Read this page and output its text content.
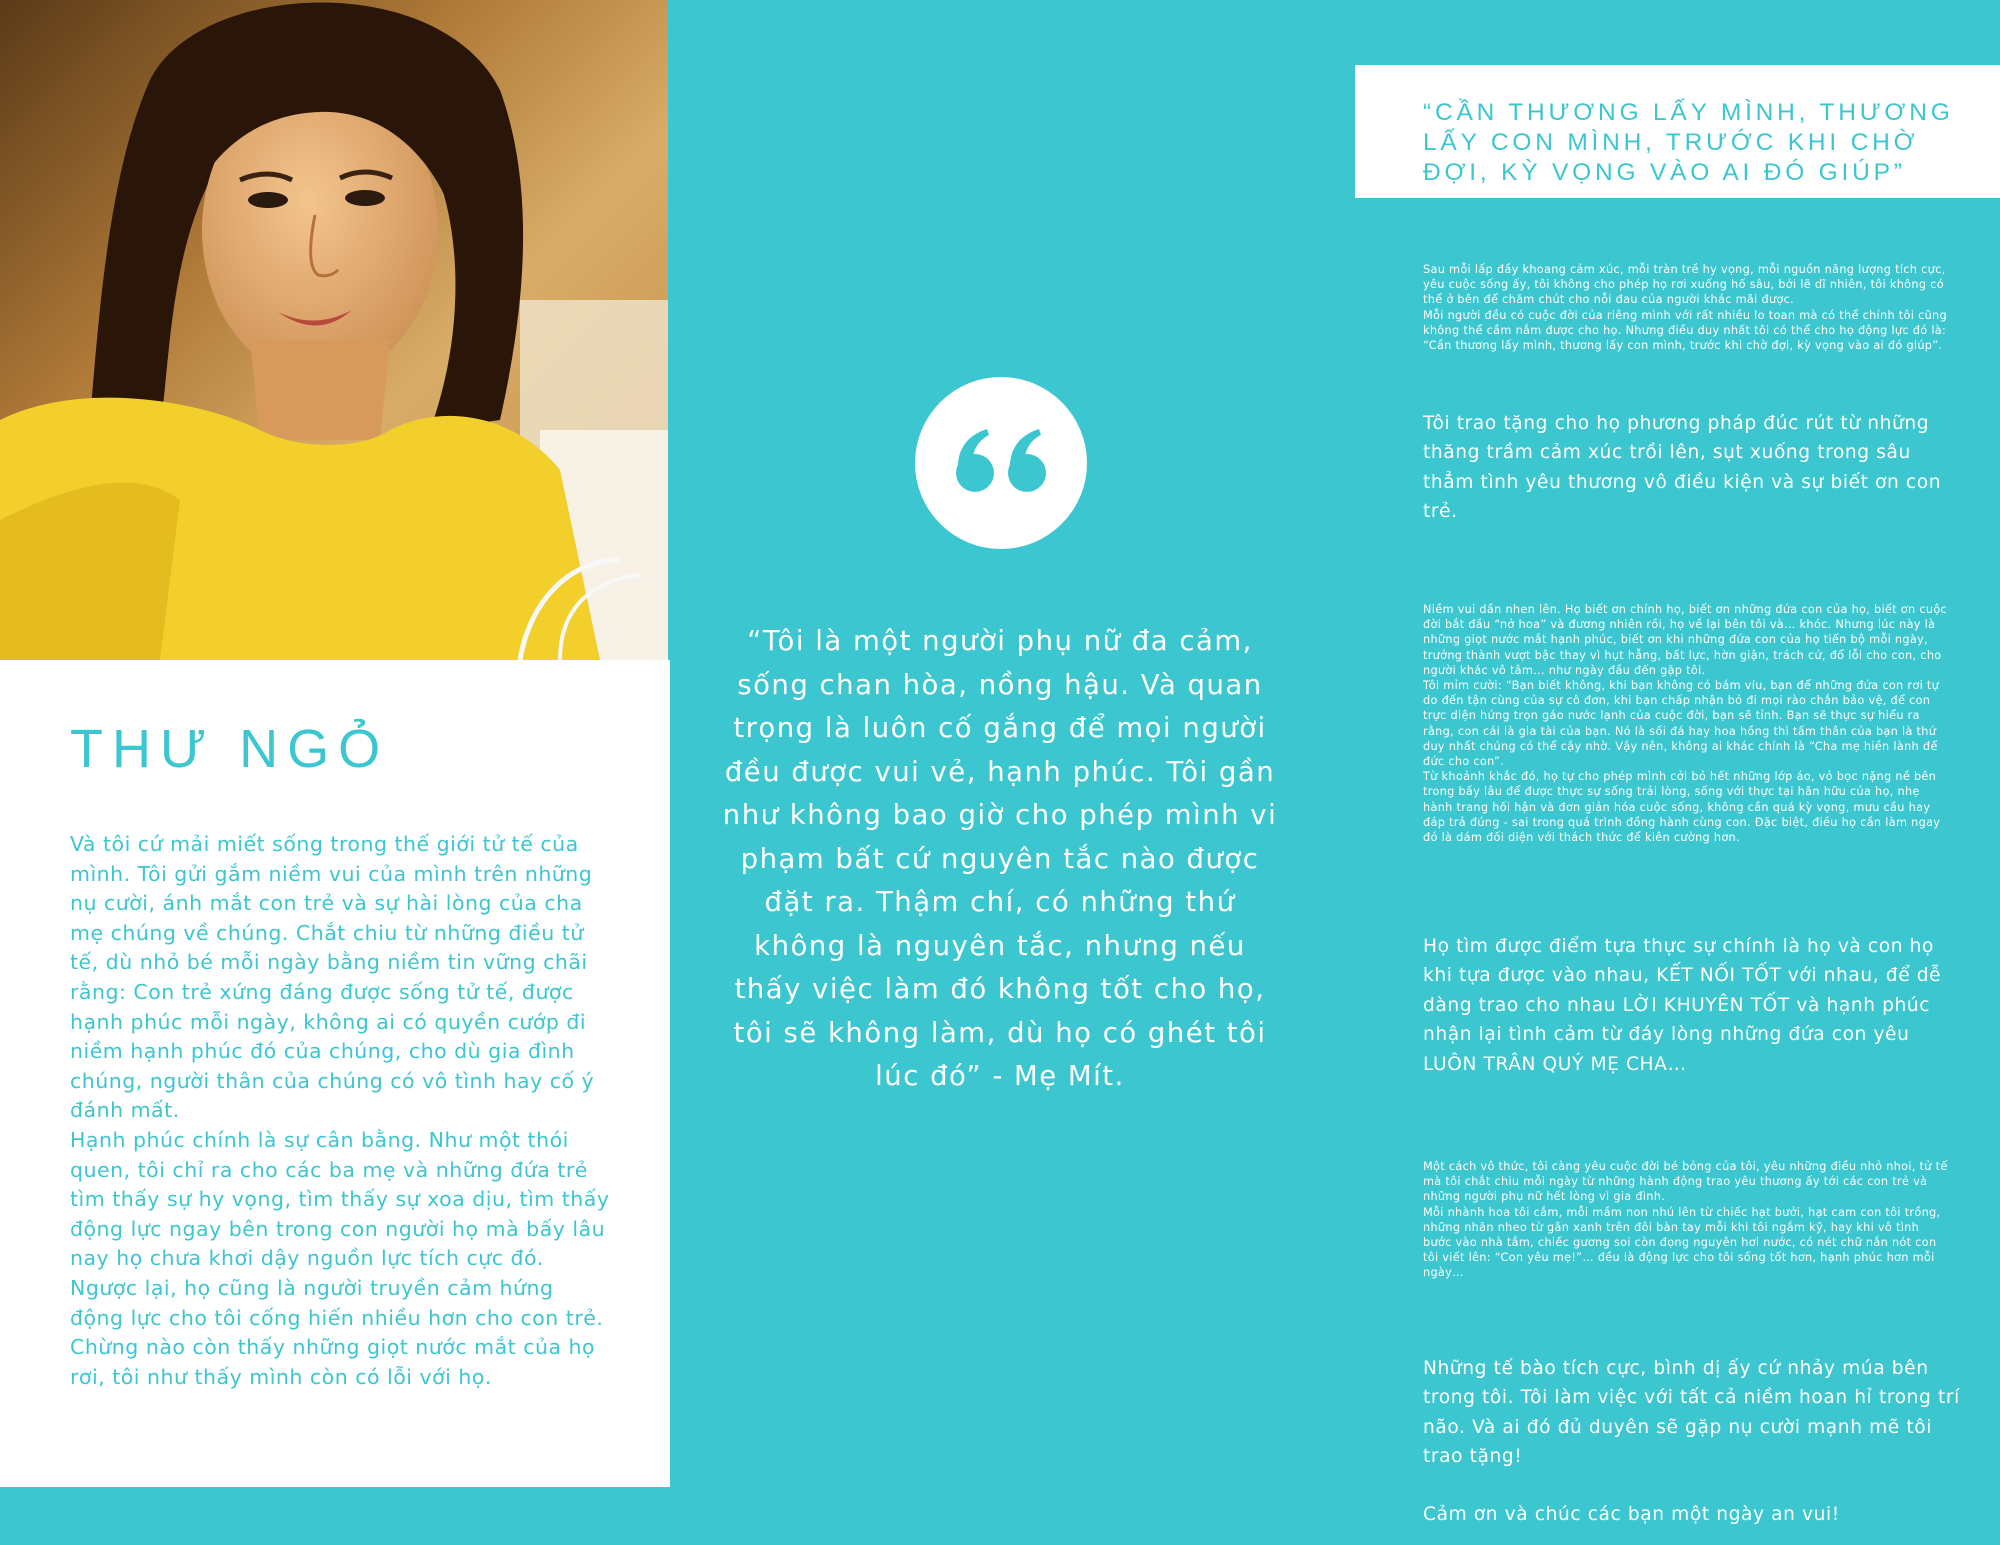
THƯ NGỎ
Và tôi cứ mải miết sống trong thế giới tử tế của mình. Tôi gửi gắm niềm vui của mình trên những nụ cười, ánh mắt con trẻ và sự hài lòng của cha mẹ chúng về chúng. Chắt chiu từ những điều tử tế, dù nhỏ bé mỗi ngày bằng niềm tin vững chãi rằng: Con trẻ xứng đáng được sống tử tế, được hạnh phúc mỗi ngày, không ai có quyền cướp đi niềm hạnh phúc đó của chúng, cho dù gia đình chúng, người thân của chúng có vô tình hay cố ý đánh mất.
Hạnh phúc chính là sự cân bằng. Như một thói quen, tôi chỉ ra cho các ba mẹ và những đứa trẻ tìm thấy sự hy vọng, tìm thấy sự xoa dịu, tìm thấy động lực ngay bên trong con người họ mà bấy lâu nay họ chưa khơi dậy nguồn lực tích cực đó. Ngược lại, họ cũng là người truyền cảm hứng động lực cho tôi cống hiến nhiều hơn cho con trẻ. Chừng nào còn thấy những giọt nước mắt của họ rơi, tôi như thấy mình còn có lỗi với họ.
“Tôi là một người phụ nữ đa cảm, sống chan hòa, nồng hậu. Và quan trọng là luôn cố gắng để mọi người đều được vui vẻ, hạnh phúc. Tôi gần như không bao giờ cho phép mình vi phạm bất cứ nguyên tắc nào được đặt ra. Thậm chí, có những thứ không là nguyên tắc, nhưng nếu thấy việc làm đó không tốt cho họ, tôi sẽ không làm, dù họ có ghét tôi lúc đó” - Mẹ Mít.
“CẦN THƯƠNG LẤY MÌNH, THƯƠNG LẤY CON MÌNH, TRƯỚC KHI CHỜ ĐỢI, KỲ VỌNG VÀO AI ĐÓ GIÚP”
Sau mỗi lấp đầy khoang cảm xúc, mỗi tràn trề hy vọng, mỗi nguồn năng lượng tích cực, yêu cuộc sống ấy, tôi không cho phép họ rơi xuống hố sâu, bởi lẽ dĩ nhiên, tôi không có thể ở bên để chăm chút cho nỗi đau của người khác mãi được.
Mỗi người đều có cuộc đời của riêng mình với rất nhiều lo toan mà có thể chính tôi cũng không thể cầm nắm được cho họ. Nhưng điều duy nhất tôi có thể cho họ động lực đó là: “Cần thương lấy mình, thương lấy con mình, trước khi chờ đợi, kỳ vọng vào ai đó giúp”.
Tôi trao tặng cho họ phương pháp đúc rút từ những thăng trầm cảm xúc trồi lên, sụt xuống trong sâu thẳm tình yêu thương vô điều kiện và sự biết ơn con trẻ.
Niềm vui dần nhen lên. Họ biết ơn chính họ, biết ơn những đứa con của họ, biết ơn cuộc đời bắt đầu “nở hoa” và đương nhiên rồi, họ về lại bên tôi và… khóc. Nhưng lúc này là những giọt nước mắt hạnh phúc, biết ơn khi những đứa con của họ tiến bộ mỗi ngày, trưởng thành vượt bậc thay vì hụt hẫng, bất lực, hờn giận, trách cứ, đổ lỗi cho con, cho người khác vô tâm… như ngày đầu đến gặp tôi.
Tôi mỉm cười: “Bạn biết không, khi bạn không có bám víu, bạn để những đứa con rơi tự do đến tận cùng của sự cô đơn, khi bạn chấp nhận bỏ đi mọi rào chắn bảo vệ, để con trực diện hứng trọn gáo nước lạnh của cuộc đời, bạn sẽ tỉnh. Bạn sẽ thực sự hiểu ra rằng, con cái là gia tài của bạn. Nó là sối đá hay hoa hồng thì tấm thân của bạn là thứ duy nhất chúng có thể cậy nhờ. Vậy nên, không ai khác chính là “Cha mẹ hiền lành để đức cho con”.
Từ khoảnh khắc đó, họ tự cho phép mình cởi bỏ hết những lớp áo, vỏ bọc nặng nề bên trong bấy lâu để được thực sự sống trải lòng, sống với thực tại hãn hữu của họ, nhẹ hành trang hối hận và đơn giản hóa cuộc sống, không cần quá kỳ vọng, mưu cầu hay đáp trả đúng - sai trong quá trình đồng hành cùng con. Đặc biệt, điều họ cần làm ngay đó là dám đối diện với thách thức để kiên cường hơn.
Họ tìm được điểm tựa thực sự chính là họ và con họ khi tựa được vào nhau, KẾT NỐI TỐT với nhau, để dễ dàng trao cho nhau LỜI KHUYÊN TỐT và hạnh phúc nhận lại tình cảm từ đáy lòng những đứa con yêu LUÔN TRÂN QUÝ MẸ CHA…
Một cách vô thức, tôi càng yêu cuộc đời bé bỏng của tôi, yêu những điều nhỏ nhoi, tử tế mà tôi chắt chiu mỗi ngày từ những hành động trao yêu thương ấy tới các con trẻ và những người phụ nữ hết lòng vì gia đình.
Mỗi nhành hoa tôi cắm, mỗi mầm non nhú lên từ chiếc hạt bưởi, hạt cam con tôi trồng, những nhăn nheo từ gân xanh trên đôi bàn tay mỗi khi tôi ngắm kỹ, hay khi vô tình bước vào nhà tắm, chiếc gương soi còn đọng nguyên hơi nước, có nét chữ nắn nót con tôi viết lên: “Con yêu mẹ!”… đều là động lực cho tôi sống tốt hơn, hạnh phúc hơn mỗi ngày…
Những tế bào tích cực, bình dị ấy cứ nhảy múa bên trong tôi. Tôi làm việc với tất cả niềm hoan hỉ trong trí não. Và ai đó đủ duyên sẽ gặp nụ cười mạnh mẽ tôi trao tặng!
Cảm ơn và chúc các bạn một ngày an vui!
